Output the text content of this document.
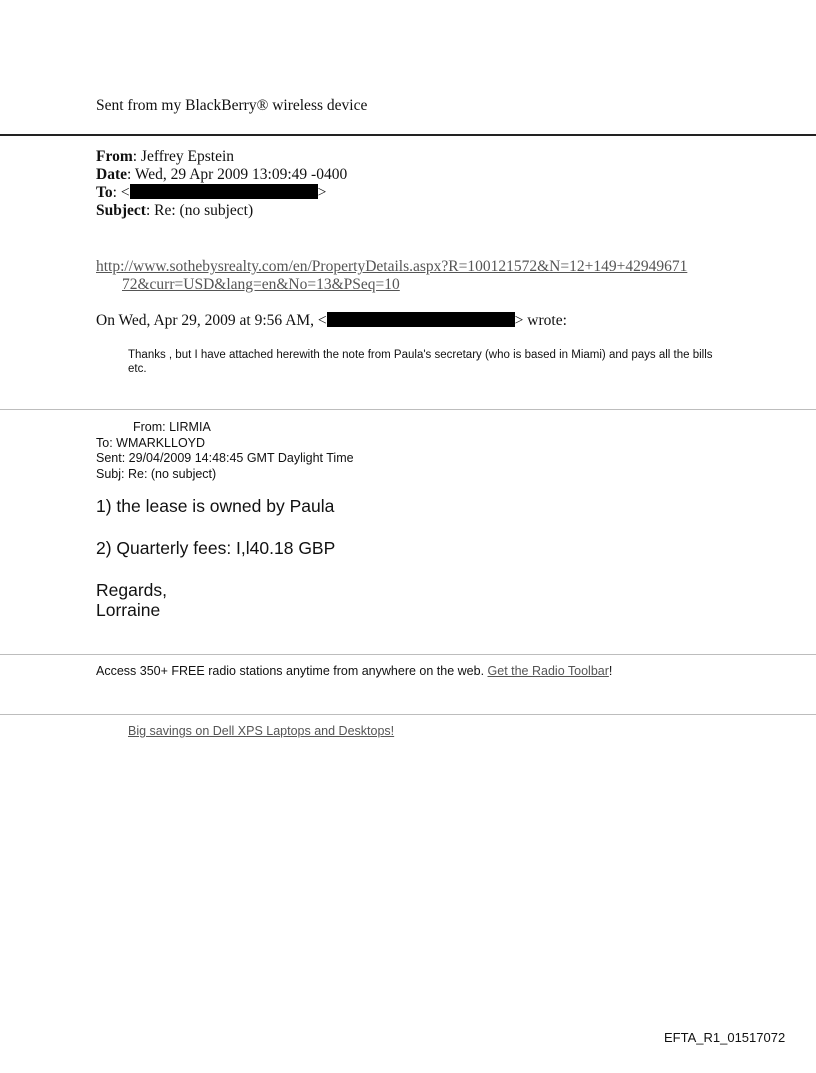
Sent from my BlackBerry® wireless device
From: Jeffrey Epstein
Date: Wed, 29 Apr 2009 13:09:49 -0400
To: <	>
Subject: Re: (no subject)
http://www.sothebysrealty.com/en/PropertyDetails.aspx?R=100121572&N=12+149+42949671
72&curr=USD&lang=en&No=13&PSeq=10
On Wed, Apr 29, 2009 at 9:56 AM, <	> wrote:
Thanks , but I have attached herewith the note from Paula's secretary (who is based in Miami) and pays all the bills etc.
From: LIRMIA
To: WMARKLLOYD
Sent: 29/04/2009 14:48:45 GMT Daylight Time
Subj: Re: (no subject)
1) the lease is owned by Paula
2) Quarterly fees: I,l40.18 GBP
Regards,
Lorraine
Access 350+ FREE radio stations anytime from anywhere on the web. Get the Radio Toolbar!
Big savings on Dell XPS Laptops and Desktops!
EFTA_R1_01517072
